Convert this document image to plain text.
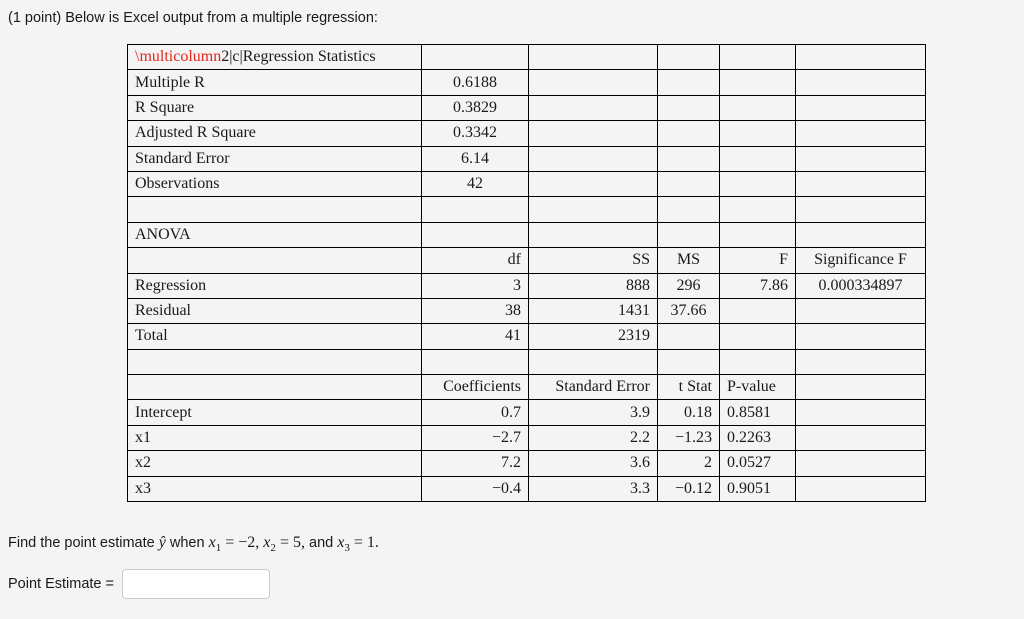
(1 point) Below is Excel output from a multiple regression:
\multicolumn2|c|Regression Statistics					
Multiple R	0.6188				
R Square	0.3829				
Adjusted R Square	0.3342				
Standard Error	6.14				
Observations	42				

ANOVA					
	df	SS	MS	F	Significance F
Regression	3	888	296	7.86	0.000334897
Residual	38	1431	37.66		
Total	41	2319			

	Coefficients	Standard Error	t Stat	P-value	
Intercept	0.7	3.9	0.18	0.8581	
x1	−2.7	2.2	−1.23	0.2263	
x2	7.2	3.6	2	0.0527	
x3	−0.4	3.3	−0.12	0.9051	
Find the point estimate ŷ when $x_1 = -2$, $x_2 = 5$, and $x_3 = 1$.
Point Estimate =
